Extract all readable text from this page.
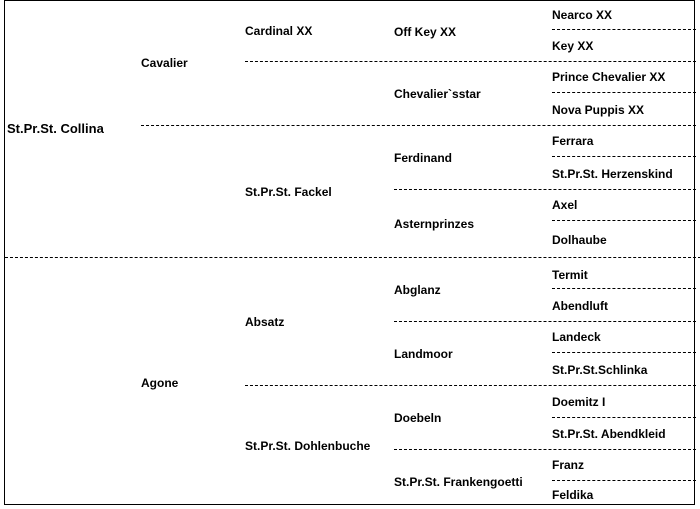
St.Pr.St. Collina
Cavalier
Agone
Cardinal XX
St.Pr.St. Fackel
Absatz
St.Pr.St. Dohlenbuche
Off Key XX
Chevalier`sstar
Ferdinand
Asternprinzes
Abglanz
Landmoor
Doebeln
St.Pr.St. Frankengoetti
Nearco XX
Key XX
Prince Chevalier XX
Nova Puppis XX
Ferrara
St.Pr.St. Herzenskind
Axel
Dolhaube
Termit
Abendluft
Landeck
St.Pr.St.Schlinka
Doemitz I
St.Pr.St. Abendkleid
Franz
Feldika
